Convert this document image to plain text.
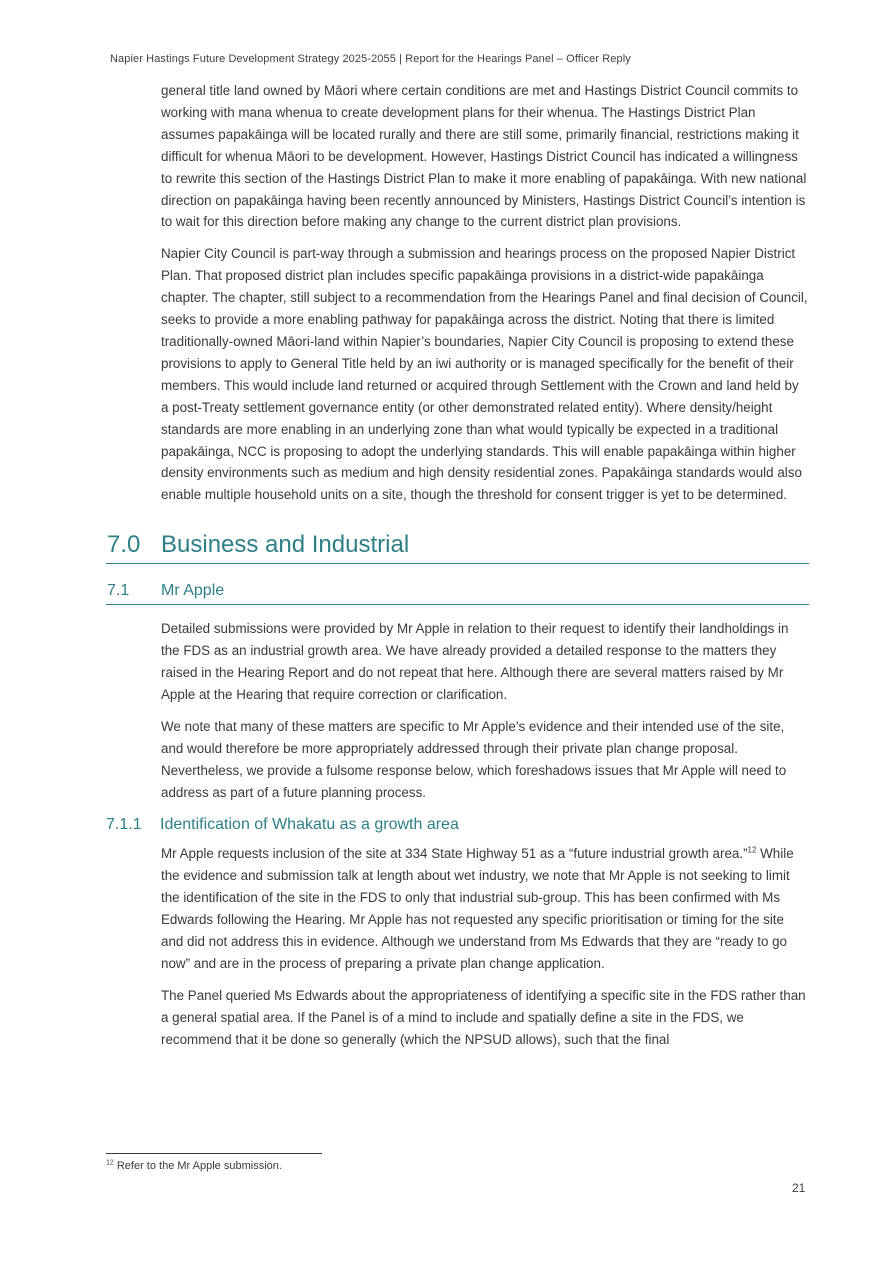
Napier Hastings Future Development Strategy 2025-2055 | Report for the Hearings Panel – Officer Reply

general title land owned by Māori where certain conditions are met and Hastings District Council commits to working with mana whenua to create development plans for their whenua. The Hastings District Plan assumes papakāinga will be located rurally and there are still some, primarily financial, restrictions making it difficult for whenua Māori to be development. However, Hastings District Council has indicated a willingness to rewrite this section of the Hastings District Plan to make it more enabling of papakāinga. With new national direction on papakāinga having been recently announced by Ministers, Hastings District Council’s intention is to wait for this direction before making any change to the current district plan provisions.

Napier City Council is part-way through a submission and hearings process on the proposed Napier District Plan. That proposed district plan includes specific papakāinga provisions in a district-wide papakāinga chapter. The chapter, still subject to a recommendation from the Hearings Panel and final decision of Council, seeks to provide a more enabling pathway for papakāinga across the district. Noting that there is limited traditionally-owned Māori-land within Napier’s boundaries, Napier City Council is proposing to extend these provisions to apply to General Title held by an iwi authority or is managed specifically for the benefit of their members. This would include land returned or acquired through Settlement with the Crown and land held by a post-Treaty settlement governance entity (or other demonstrated related entity). Where density/height standards are more enabling in an underlying zone than what would typically be expected in a traditional papakāinga, NCC is proposing to adopt the underlying standards. This will enable papakāinga within higher density environments such as medium and high density residential zones. Papakāinga standards would also enable multiple household units on a site, though the threshold for consent trigger is yet to be determined.

7.0 Business and Industrial
7.1	Mr Apple

Detailed submissions were provided by Mr Apple in relation to their request to identify their landholdings in the FDS as an industrial growth area. We have already provided a detailed response to the matters they raised in the Hearing Report and do not repeat that here. Although there are several matters raised by Mr Apple at the Hearing that require correction or clarification.

We note that many of these matters are specific to Mr Apple’s evidence and their intended use of the site, and would therefore be more appropriately addressed through their private plan change proposal. Nevertheless, we provide a fulsome response below, which foreshadows issues that Mr Apple will need to address as part of a future planning process.

7.1.1	Identification of Whakatu as a growth area

Mr Apple requests inclusion of the site at 334 State Highway 51 as a “future industrial growth area.”$^{12}$ While the evidence and submission talk at length about wet industry, we note that Mr Apple is not seeking to limit the identification of the site in the FDS to only that industrial sub-group. This has been confirmed with Ms Edwards following the Hearing. Mr Apple has not requested any specific prioritisation or timing for the site and did not address this in evidence. Although we understand from Ms Edwards that they are “ready to go now” and are in the process of preparing a private plan change application.

The Panel queried Ms Edwards about the appropriateness of identifying a specific site in the FDS rather than a general spatial area. If the Panel is of a mind to include and spatially define a site in the FDS, we recommend that it be done so generally (which the NPSUD allows), such that the final

$^{12}$ Refer to the Mr Apple submission.
21
